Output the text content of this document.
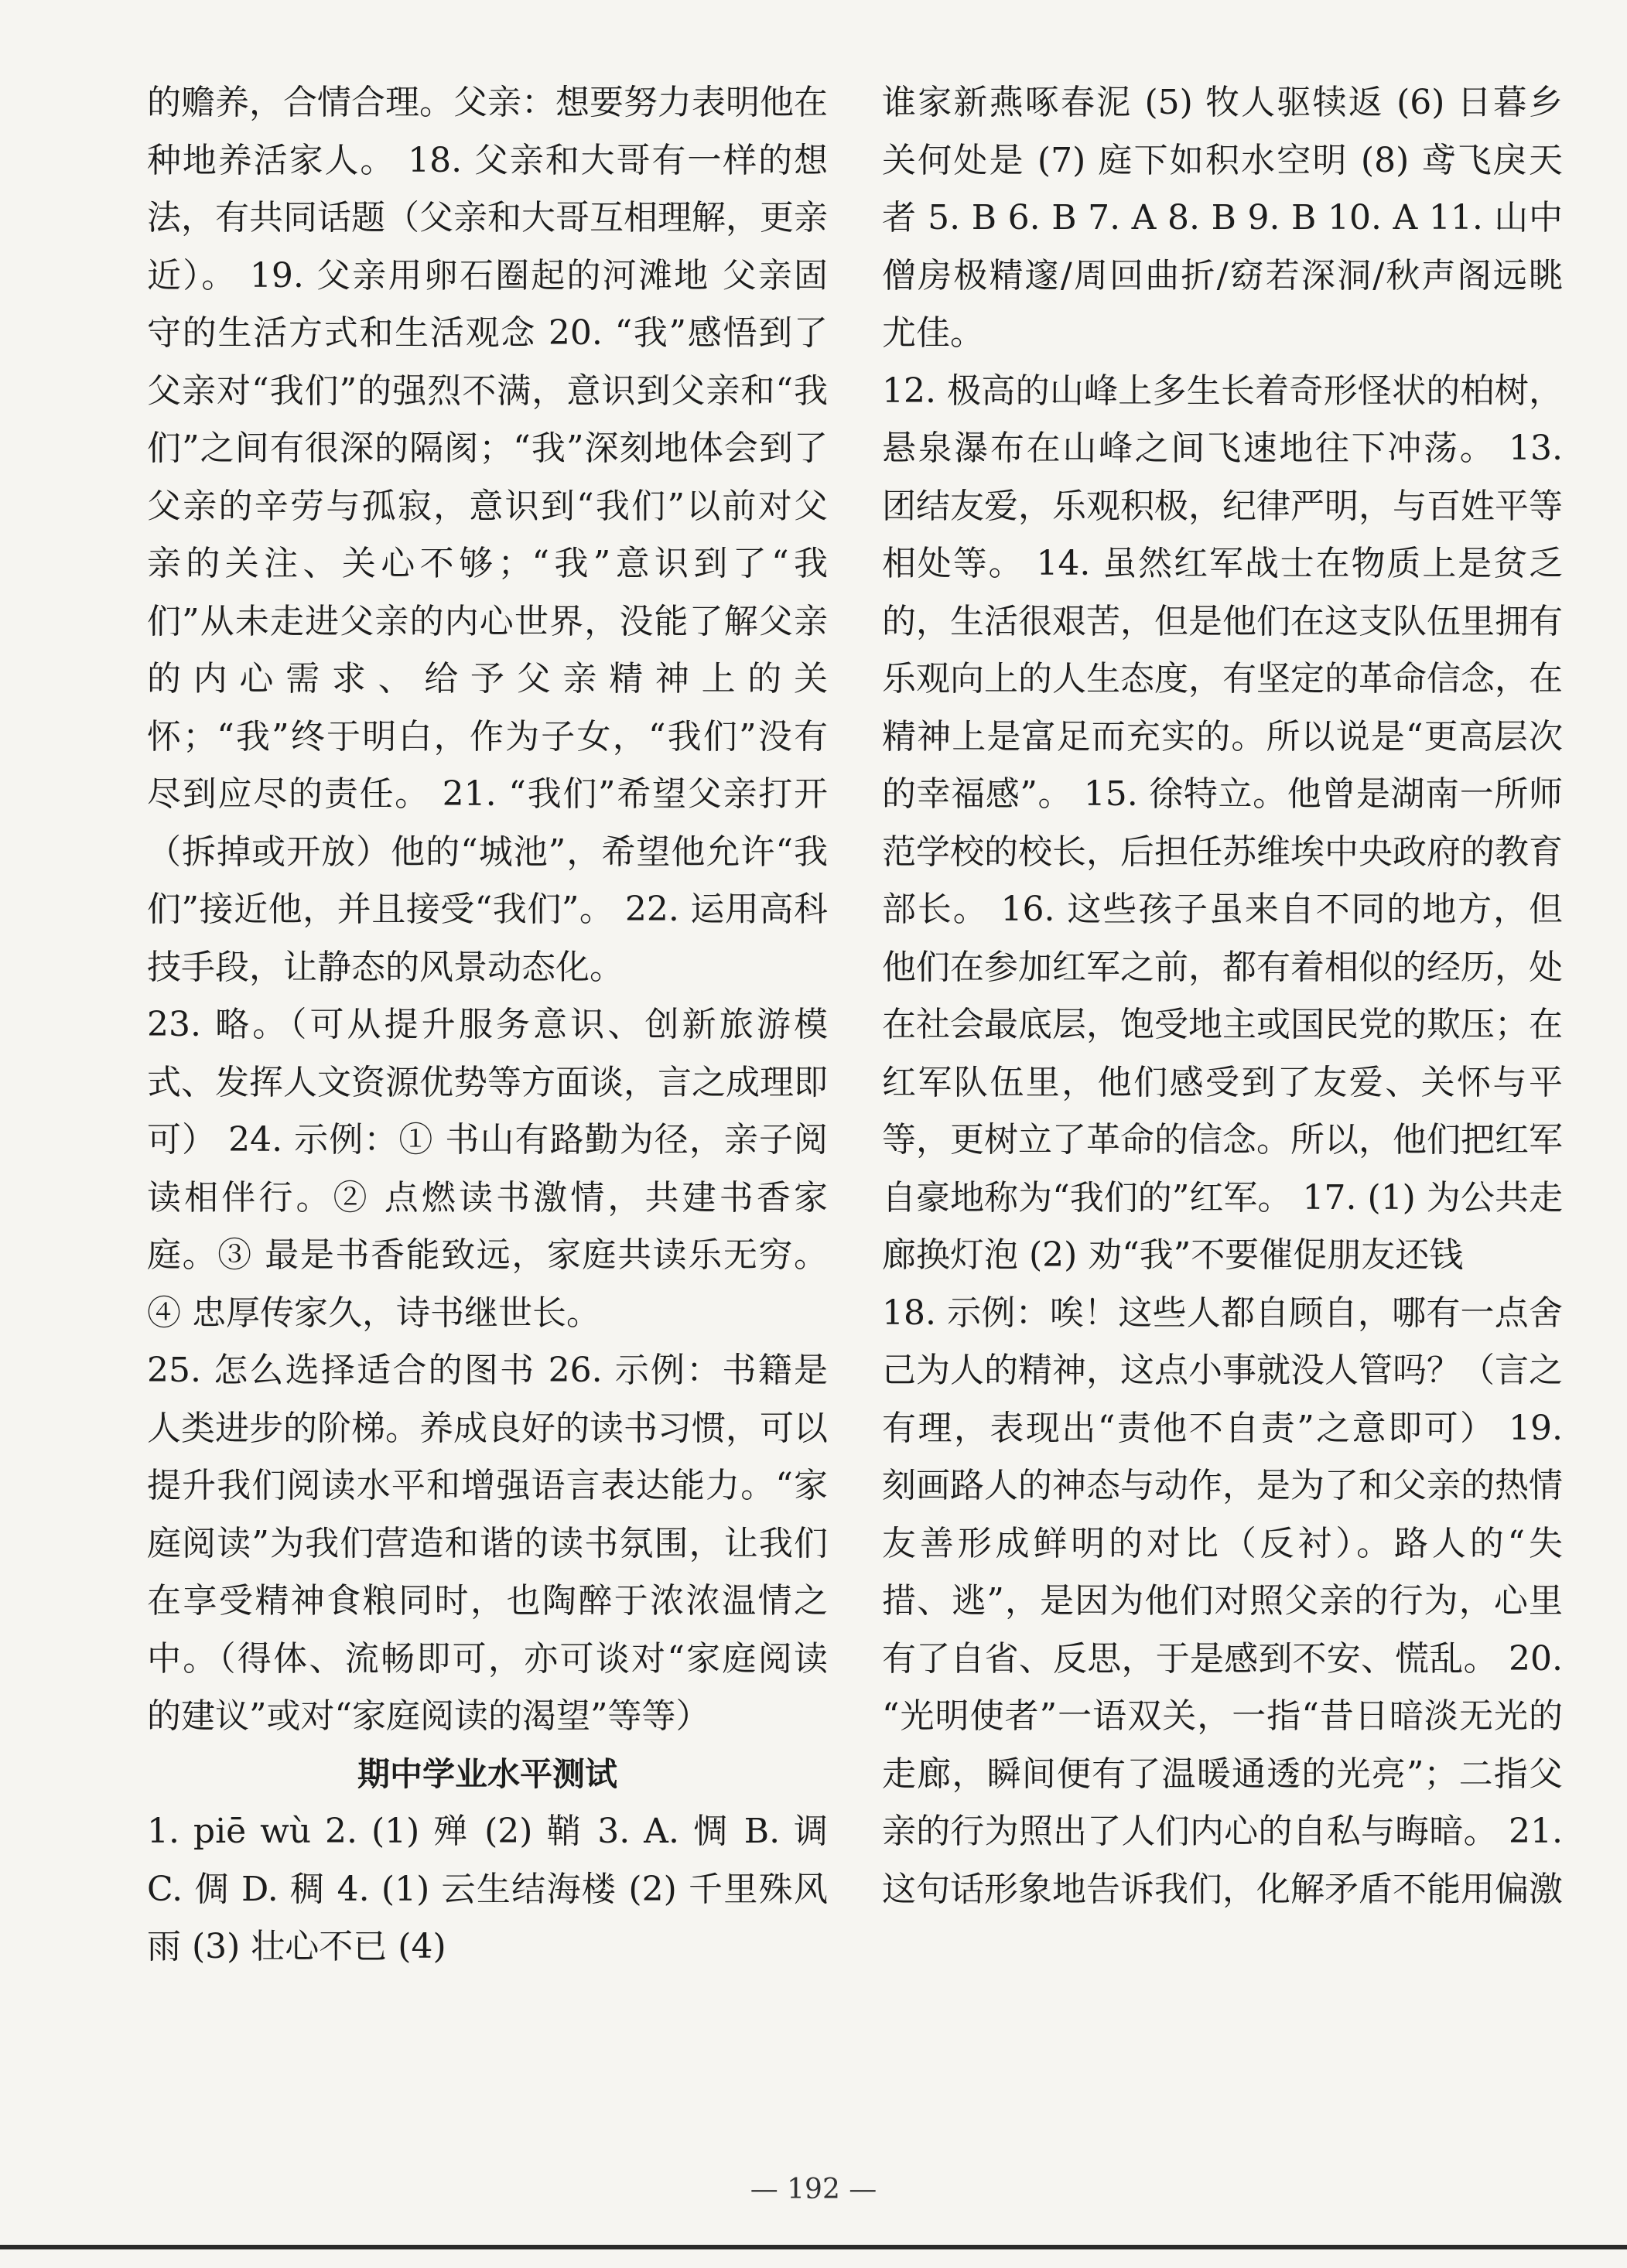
的赡养，合情合理。父亲：想要努力表明他在种地养活家人。 18. 父亲和大哥有一样的想法，有共同话题（父亲和大哥互相理解，更亲近）。 19. 父亲用卵石圈起的河滩地 父亲固守的生活方式和生活观念 20. “我”感悟到了父亲对“我们”的强烈不满，意识到父亲和“我们”之间有很深的隔阂；“我”深刻地体会到了父亲的辛劳与孤寂，意识到“我们”以前对父亲的关注、关心不够；“我”意识到了“我们”从未走进父亲的内心世界，没能了解父亲的内心需求、给予父亲精神上的关怀；“我”终于明白，作为子女，“我们”没有尽到应尽的责任。 21. “我们”希望父亲打开（拆掉或开放）他的“城池”，希望他允许“我们”接近他，并且接受“我们”。 22. 运用高科技手段，让静态的风景动态化。

23. 略。（可从提升服务意识、创新旅游模式、发挥人文资源优势等方面谈，言之成理即可） 24. 示例：① 书山有路勤为径，亲子阅读相伴行。② 点燃读书激情，共建书香家庭。③ 最是书香能致远，家庭共读乐无穷。④ 忠厚传家久，诗书继世长。

25. 怎么选择适合的图书 26. 示例：书籍是人类进步的阶梯。养成良好的读书习惯，可以提升我们阅读水平和增强语言表达能力。“家庭阅读”为我们营造和谐的读书氛围，让我们在享受精神食粮同时，也陶醉于浓浓温情之中。（得体、流畅即可，亦可谈对“家庭阅读的建议”或对“家庭阅读的渴望”等等）

期中学业水平测试

1. piē wù 2. (1) 殚 (2) 鞘 3. A. 惆 B. 调 C. 倜 D. 稠 4. (1) 云生结海楼 (2) 千里殊风雨 (3) 壮心不已 (4)

谁家新燕啄春泥 (5) 牧人驱犊返 (6) 日暮乡关何处是 (7) 庭下如积水空明 (8) 鸢飞戾天者 5. B 6. B 7. A 8. B 9. B 10. A 11. 山中僧房极精邃/周回曲折/窈若深洞/秋声阁远眺尤佳。

12. 极高的山峰上多生长着奇形怪状的柏树，悬泉瀑布在山峰之间飞速地往下冲荡。 13. 团结友爱，乐观积极，纪律严明，与百姓平等相处等。 14. 虽然红军战士在物质上是贫乏的，生活很艰苦，但是他们在这支队伍里拥有乐观向上的人生态度，有坚定的革命信念，在精神上是富足而充实的。所以说是“更高层次的幸福感”。 15. 徐特立。他曾是湖南一所师范学校的校长，后担任苏维埃中央政府的教育部长。 16. 这些孩子虽来自不同的地方，但他们在参加红军之前，都有着相似的经历，处在社会最底层，饱受地主或国民党的欺压；在红军队伍里，他们感受到了友爱、关怀与平等，更树立了革命的信念。所以，他们把红军自豪地称为“我们的”红军。 17. (1) 为公共走廊换灯泡 (2) 劝“我”不要催促朋友还钱

18. 示例：唉！这些人都自顾自，哪有一点舍己为人的精神，这点小事就没人管吗？（言之有理，表现出“责他不自责”之意即可） 19. 刻画路人的神态与动作，是为了和父亲的热情友善形成鲜明的对比（反衬）。路人的“失措、逃”，是因为他们对照父亲的行为，心里有了自省、反思，于是感到不安、慌乱。 20. “光明使者”一语双关，一指“昔日暗淡无光的走廊，瞬间便有了温暖通透的光亮”；二指父亲的行为照出了人们内心的自私与晦暗。 21. 这句话形象地告诉我们，化解矛盾不能用偏激

— 192 —
